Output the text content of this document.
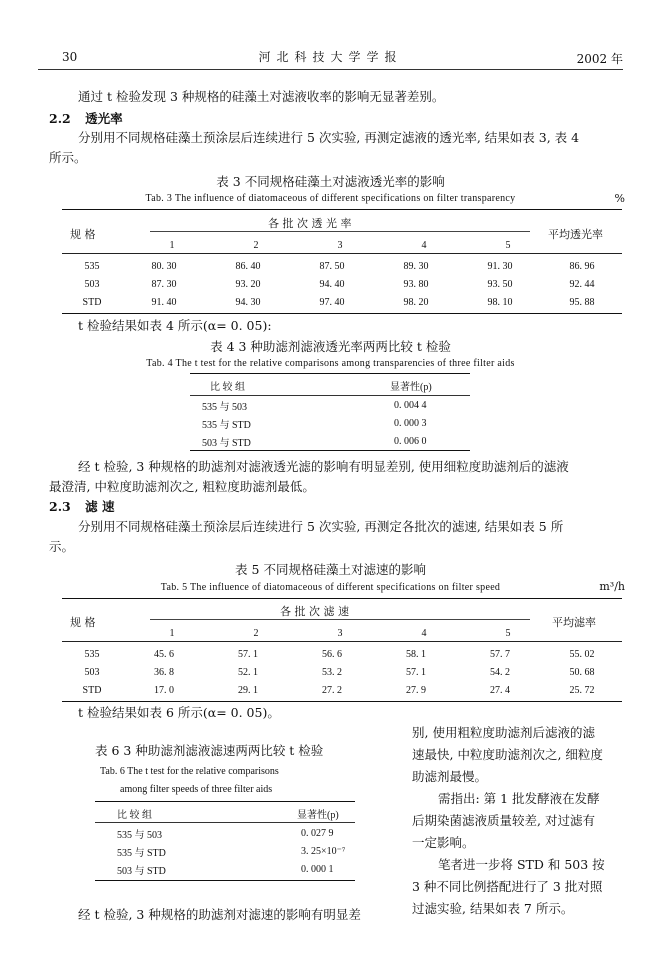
30	河北科技大学学报	2002 年

通过 t 检验发现 3 种规格的硅藻土对滤液收率的影响无显著差别。

2.2 透光率

分别用不同规格硅藻土预涂层后连续进行 5 次实验, 再测定滤液的透光率, 结果如表 3, 表 4

所示。

表 3 不同规格硅藻土对滤液透光率的影响
Tab. 3 The influence of diatomaceous of different specifications on filter transparency	%
规 格
各 批 次 透 光 率
平均透光率
1	2	3	4	5
535	80. 30	86. 40	87. 50	89. 30	91. 30	86. 96
503	87. 30	93. 20	94. 40	93. 80	93. 50	92. 44
STD	91. 40	94. 30	97. 40	98. 20	98. 10	95. 88

t 检验结果如表 4 所示(α= 0. 05):

表 4 3 种助滤剂滤液透光率两两比较 t 检验
Tab. 4 The t test for the relative comparisons among transparencies of three filter aids
比 较 组	显著性(p)
535 与 503	0. 004 4
535 与 STD	0. 000 3
503 与 STD	0. 006 0

经 t 检验, 3 种规格的助滤剂对滤液透光滤的影响有明显差别, 使用细粒度助滤剂后的滤液

最澄清, 中粒度助滤剂次之, 粗粒度助滤剂最低。

2.3 滤 速

分别用不同规格硅藻土预涂层后连续进行 5 次实验, 再测定各批次的滤速, 结果如表 5 所

示。

表 5 不同规格硅藻土对滤速的影响
Tab. 5 The influence of diatomaceous of different specifications on filter speed	m³/h
规 格
各 批 次 滤 速
平均滤率
1	2	3	4	5
535	45. 6	57. 1	56. 6	58. 1	57. 7	55. 02
503	36. 8	52. 1	53. 2	57. 1	54. 2	50. 68
STD	17. 0	29. 1	27. 2	27. 9	27. 4	25. 72

t 检验结果如表 6 所示(α= 0. 05)。

表 6 3 种助滤剂滤液滤速两两比较 t 检验
Tab. 6 The t test for the relative comparisons
among filter speeds of three filter aids
比 较 组	显著性(p)
535 与 503	0. 027 9
535 与 STD	3. 25×10⁻⁷
503 与 STD	0. 000 1

经 t 检验, 3 种规格的助滤剂对滤速的影响有明显差

别, 使用粗粒度助滤剂后滤液的滤

速最快, 中粒度助滤剂次之, 细粒度

助滤剂最慢。

需指出: 第 1 批发酵液在发酵

后期染菌滤液质量较差, 对过滤有

一定影响。

笔者进一步将 STD 和 503 按

3 种不同比例搭配进行了 3 批对照

过滤实验, 结果如表 7 所示。
